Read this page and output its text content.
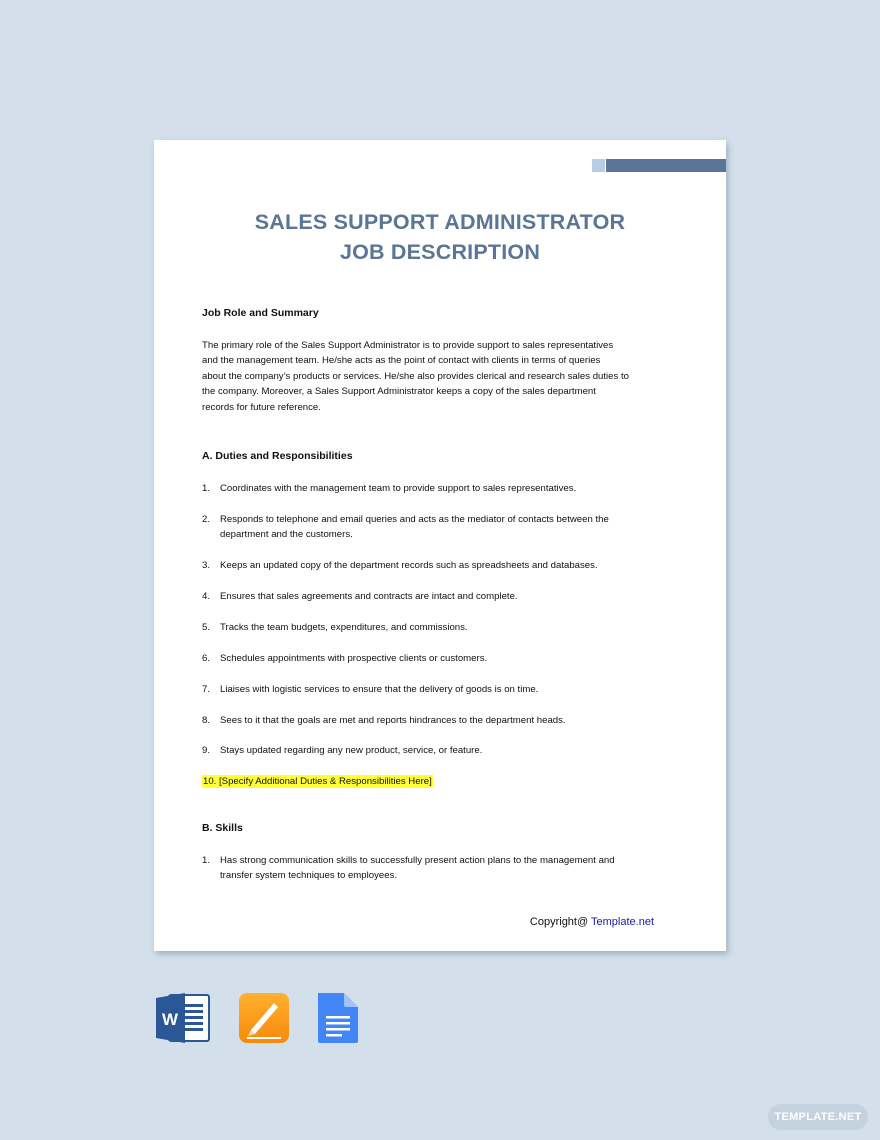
SALES SUPPORT ADMINISTRATOR
JOB DESCRIPTION
Job Role and Summary
The primary role of the Sales Support Administrator is to provide support to sales representatives
and the management team. He/she acts as the point of contact with clients in terms of queries
about the company’s products or services. He/she also provides clerical and research sales duties to
the company. Moreover, a Sales Support Administrator keeps a copy of the sales department
records for future reference.
A. Duties and Responsibilities
1. Coordinates with the management team to provide support to sales representatives.
2. Responds to telephone and email queries and acts as the mediator of contacts between the
department and the customers.
3. Keeps an updated copy of the department records such as spreadsheets and databases.
4. Ensures that sales agreements and contracts are intact and complete.
5. Tracks the team budgets, expenditures, and commissions.
6. Schedules appointments with prospective clients or customers.
7. Liaises with logistic services to ensure that the delivery of goods is on time.
8. Sees to it that the goals are met and reports hindrances to the department heads.
9. Stays updated regarding any new product, service, or feature.
10. [Specify Additional Duties & Responsibilities Here]
B. Skills
1. Has strong communication skills to successfully present action plans to the management and
transfer system techniques to employees.
Copyright@ Template.net
W
TEMPLATE.NET
